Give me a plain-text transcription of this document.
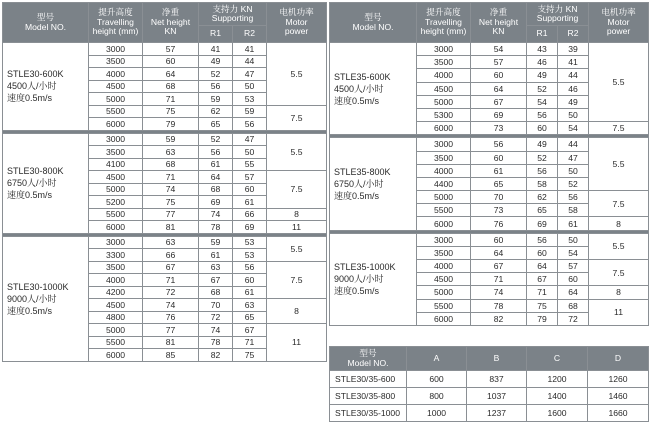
型号
Model NO.	提升高度
Travelling
height (mm)	净重
Net height
KN	支持力 KN
Supporting		电机功率
Motor
power
			R1	R2	

STLE30-600K
4500人/小时
速度0.5m/s	3000	57	41	41	5.5
	3500	60	49	44	
	4000	64	52	47	
	4500	68	56	50	
	5000	71	59	53	
	5500	75	62	59	7.5
	6000	79	65	56	

STLE30-800K
6750人/小时
速度0.5m/s	3000	59	52	47	5.5
	3500	63	56	50	
	4100	68	61	55	
	4500	71	64	57	7.5
	5000	74	68	60	
	5200	75	69	61	
	5500	77	74	66	8
	6000	81	78	69	11

STLE30-1000K
9000人/小时
速度0.5m/s	3000	63	59	53	5.5
	3300	66	61	53	
	3500	67	63	56	7.5
	4000	71	67	60	
	4200	72	68	61	
	4500	74	70	63	8
	4800	76	72	65	
	5000	77	74	67	11
	5500	81	78	71	
	6000	85	82	75	
型号
Model NO.	提升高度
Travelling
height (mm)	净重
Net height
KN	支持力 KN
Supporting		电机功率
Motor
power
			R1	R2	

STLE35-600K
4500人/小时
速度0.5m/s	3000	54	43	39	5.5
	3500	57	46	41	
	4000	60	49	44	
	4500	64	52	46	
	5000	67	54	49	
	5300	69	56	50	
	6000	73	60	54	7.5

STLE35-800K
6750人/小时
速度0.5m/s	3000	56	49	44	5.5
	3500	60	52	47	
	4000	61	56	50	
	4400	65	58	52	
	5000	70	62	56	7.5
	5500	73	65	58	
	6000	76	69	61	8

STLE35-1000K
9000人/小时
速度0.5m/s	3000	60	56	50	5.5
	3500	64	60	54	
	4000	67	64	57	7.5
	4500	71	67	60	
	5000	74	71	64	8
	5500	78	75	68	11
	6000	82	79	72	
型号
Model NO.	A	B	C	D
STLE30/35-600	600	837	1200	1260
STLE30/35-800	800	1037	1400	1460
STLE30/35-1000	1000	1237	1600	1660
